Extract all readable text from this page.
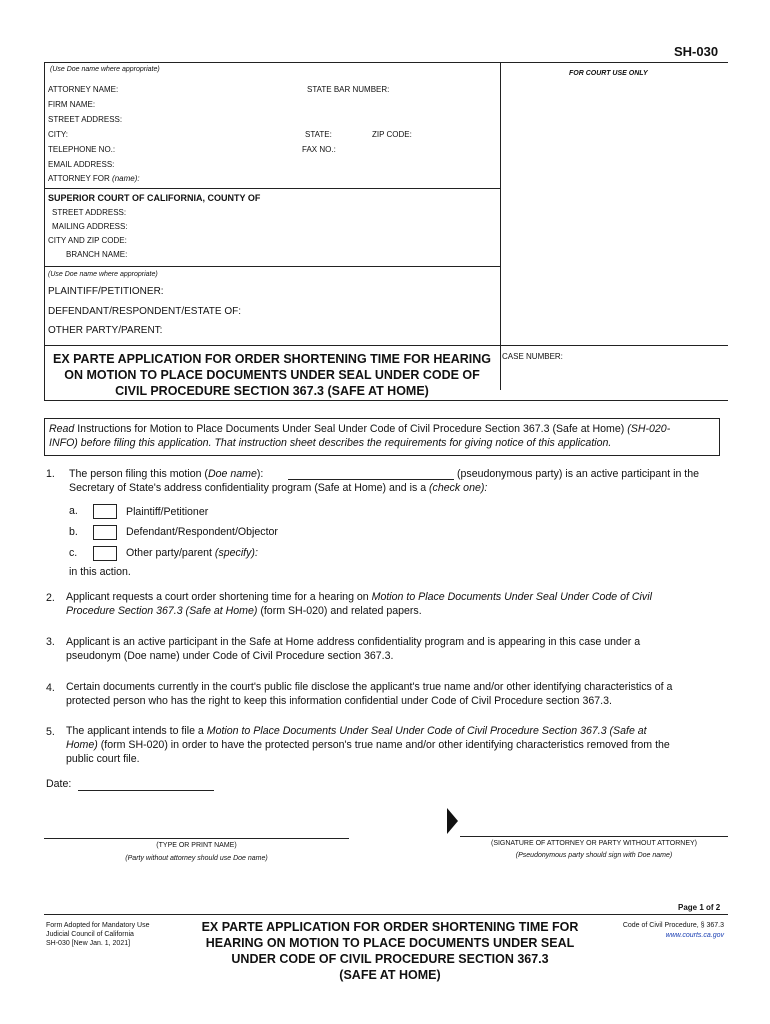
SH-030
(Use Doe name where appropriate)
FOR COURT USE ONLY
ATTORNEY NAME:	STATE BAR NUMBER:
FIRM NAME:
STREET ADDRESS:
CITY:	STATE:	ZIP CODE:
TELEPHONE NO.:	FAX NO.:
EMAIL ADDRESS:
ATTORNEY FOR (name):
SUPERIOR COURT OF CALIFORNIA, COUNTY OF
STREET ADDRESS:
MAILING ADDRESS:
CITY AND ZIP CODE:
BRANCH NAME:
(Use Doe name where appropriate)
PLAINTIFF/PETITIONER:
DEFENDANT/RESPONDENT/ESTATE OF:
OTHER PARTY/PARENT:
EX PARTE APPLICATION FOR ORDER SHORTENING TIME FOR HEARING
ON MOTION TO PLACE DOCUMENTS UNDER SEAL UNDER CODE OF
CIVIL PROCEDURE SECTION 367.3 (SAFE AT HOME)
CASE NUMBER:
Read Instructions for Motion to Place Documents Under Seal Under Code of Civil Procedure Section 367.3 (Safe at Home) (SH-020-
INFO) before filing this application. That instruction sheet describes the requirements for giving notice of this application.
1. The person filing this motion (Doe name):	(pseudonymous party) is an active participant in the
Secretary of State's address confidentiality program (Safe at Home) and is a (check one):
a.	Plaintiff/Petitioner
b.	Defendant/Respondent/Objector
c.	Other party/parent (specify):
in this action.
2. Applicant requests a court order shortening time for a hearing on Motion to Place Documents Under Seal Under Code of Civil
Procedure Section 367.3 (Safe at Home) (form SH-020) and related papers.
3. Applicant is an active participant in the Safe at Home address confidentiality program and is appearing in this case under a
pseudonym (Doe name) under Code of Civil Procedure section 367.3.
4. Certain documents currently in the court's public file disclose the applicant's true name and/or other identifying characteristics of a
protected person who has the right to keep this information confidential under Code of Civil Procedure section 367.3.
5. The applicant intends to file a Motion to Place Documents Under Seal Under Code of Civil Procedure Section 367.3 (Safe at
Home) (form SH-020) in order to have the protected person's true name and/or other identifying characteristics removed from the
public court file.
Date:
(TYPE OR PRINT NAME)
(Party without attorney should use Doe name)
(SIGNATURE OF ATTORNEY OR PARTY WITHOUT ATTORNEY)
(Pseudonymous party should sign with Doe name)
Page 1 of 2
Form Adopted for Mandatory Use
Judicial Council of California
SH-030 [New Jan. 1, 2021]
EX PARTE APPLICATION FOR ORDER SHORTENING TIME FOR
HEARING ON MOTION TO PLACE DOCUMENTS UNDER SEAL
UNDER CODE OF CIVIL PROCEDURE SECTION 367.3
(SAFE AT HOME)
Code of Civil Procedure, § 367.3
www.courts.ca.gov
